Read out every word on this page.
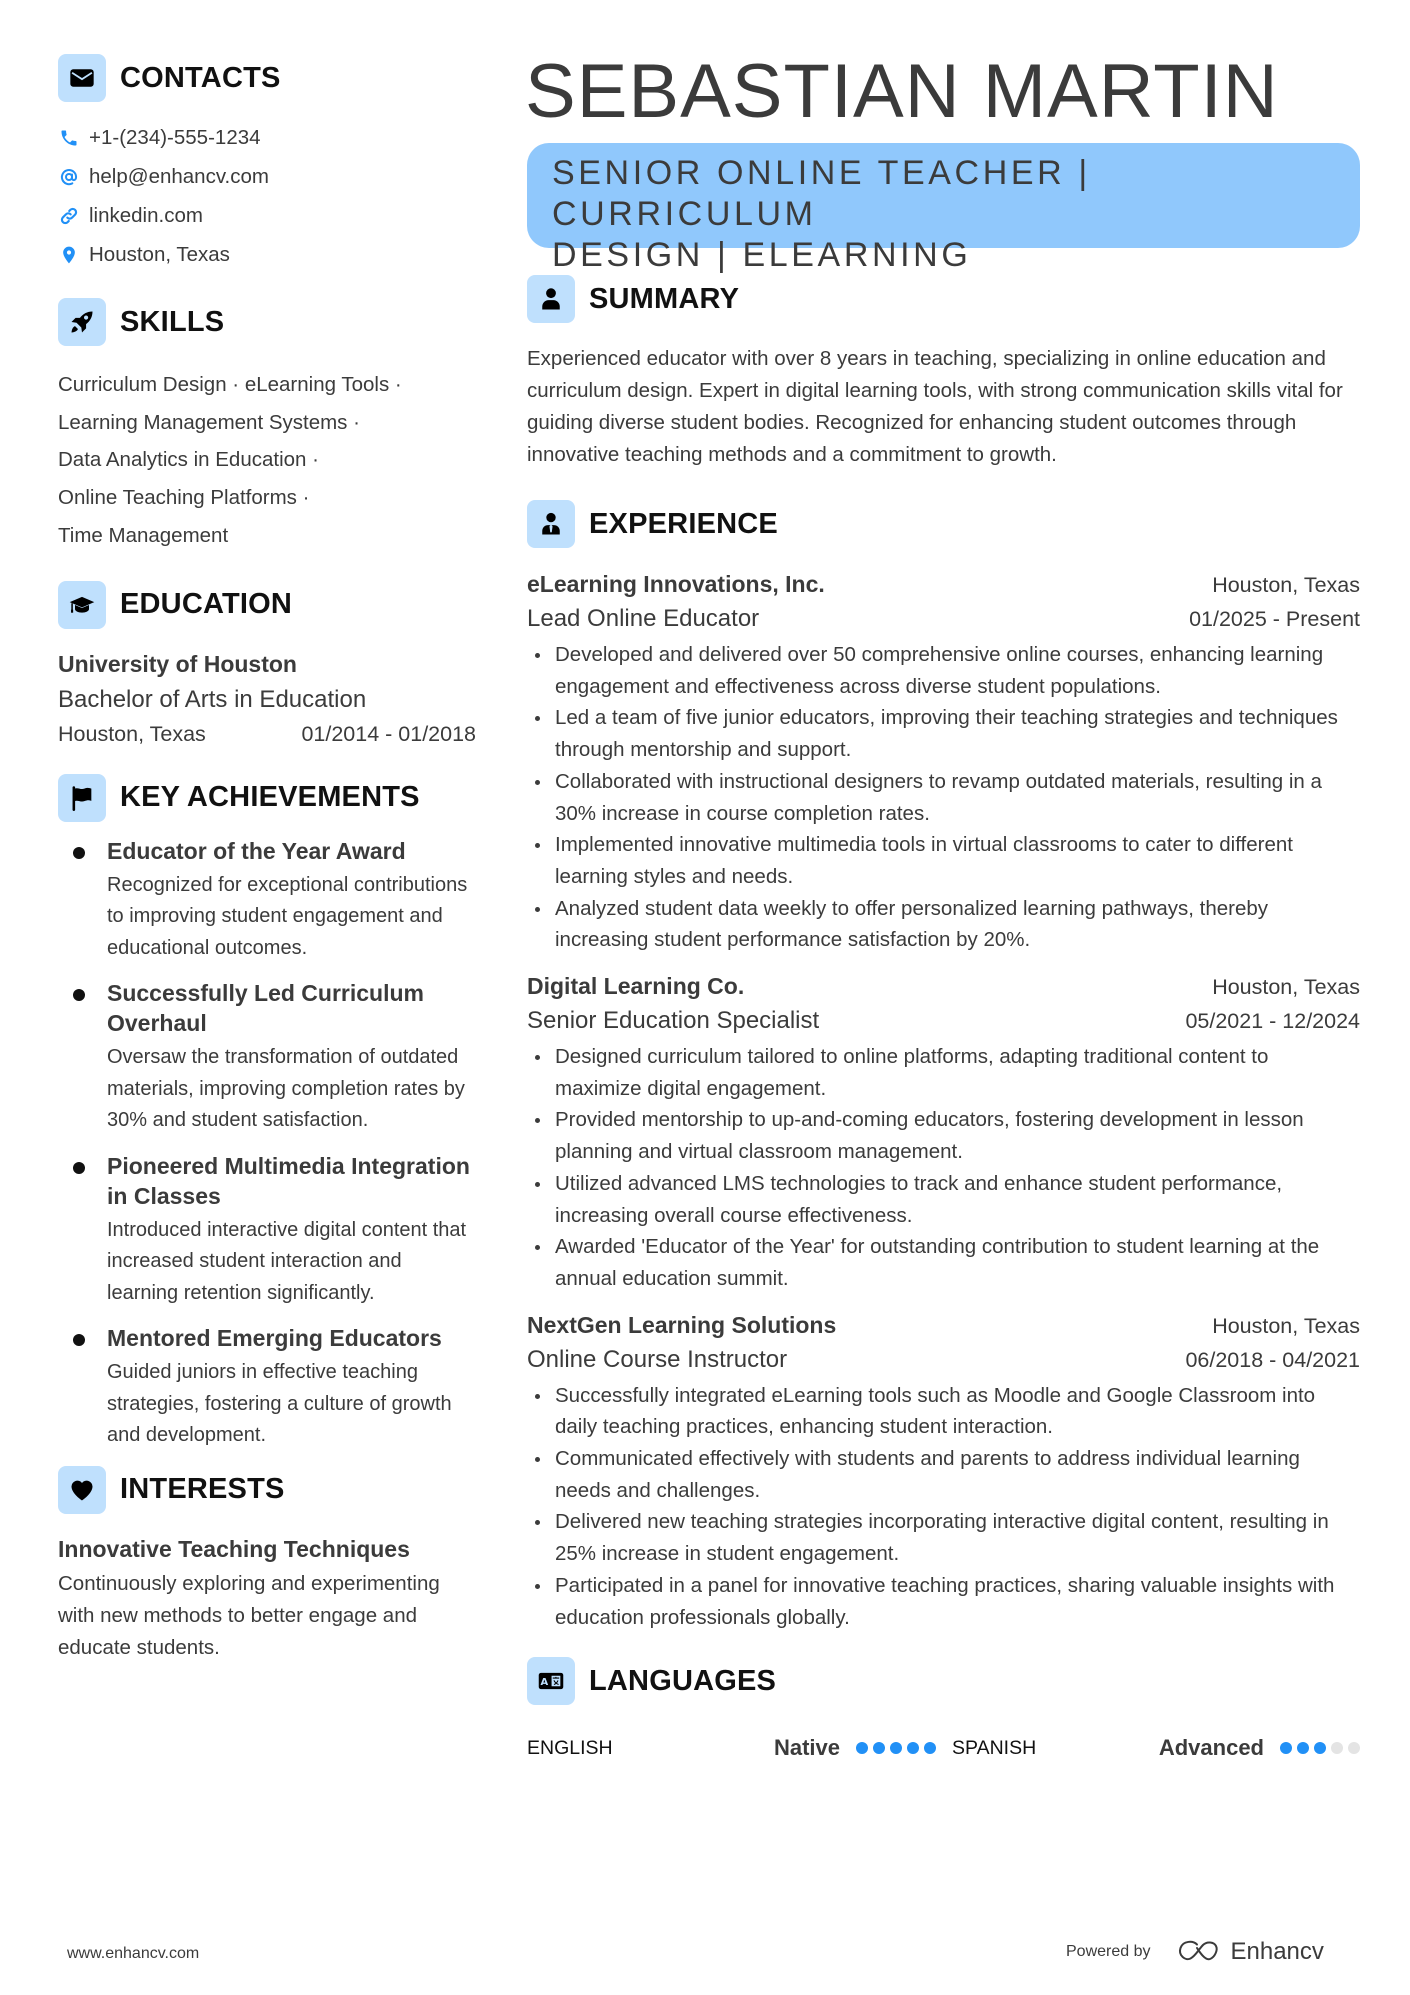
CONTACTS
+1-(234)-555-1234
help@enhancv.com
linkedin.com
Houston, Texas
SKILLS
Curriculum Design · eLearning Tools ·
Learning Management Systems ·
Data Analytics in Education ·
Online Teaching Platforms ·
Time Management
EDUCATION
University of Houston
Bachelor of Arts in Education
Houston, Texas	01/2014 - 01/2018
KEY ACHIEVEMENTS
Educator of the Year Award
Recognized for exceptional contributions to improving student engagement and educational outcomes.
Successfully Led Curriculum Overhaul
Oversaw the transformation of outdated materials, improving completion rates by 30% and student satisfaction.
Pioneered Multimedia Integration in Classes
Introduced interactive digital content that increased student interaction and learning retention significantly.
Mentored Emerging Educators
Guided juniors in effective teaching strategies, fostering a culture of growth and development.
INTERESTS
Innovative Teaching Techniques
Continuously exploring and experimenting with new methods to better engage and educate students.
SEBASTIAN MARTIN
SENIOR ONLINE TEACHER | CURRICULUM
DESIGN | ELEARNING
SUMMARY
Experienced educator with over 8 years in teaching, specializing in online education and curriculum design. Expert in digital learning tools, with strong communication skills vital for guiding diverse student bodies. Recognized for enhancing student outcomes through innovative teaching methods and a commitment to growth.
EXPERIENCE
eLearning Innovations, Inc.	Houston, Texas
Lead Online Educator	01/2025 - Present
Developed and delivered over 50 comprehensive online courses, enhancing learning engagement and effectiveness across diverse student populations.
Led a team of five junior educators, improving their teaching strategies and techniques through mentorship and support.
Collaborated with instructional designers to revamp outdated materials, resulting in a 30% increase in course completion rates.
Implemented innovative multimedia tools in virtual classrooms to cater to different learning styles and needs.
Analyzed student data weekly to offer personalized learning pathways, thereby increasing student performance satisfaction by 20%.
Digital Learning Co.	Houston, Texas
Senior Education Specialist	05/2021 - 12/2024
Designed curriculum tailored to online platforms, adapting traditional content to maximize digital engagement.
Provided mentorship to up-and-coming educators, fostering development in lesson planning and virtual classroom management.
Utilized advanced LMS technologies to track and enhance student performance, increasing overall course effectiveness.
Awarded 'Educator of the Year' for outstanding contribution to student learning at the annual education summit.
NextGen Learning Solutions	Houston, Texas
Online Course Instructor	06/2018 - 04/2021
Successfully integrated eLearning tools such as Moodle and Google Classroom into daily teaching practices, enhancing student interaction.
Communicated effectively with students and parents to address individual learning needs and challenges.
Delivered new teaching strategies incorporating interactive digital content, resulting in 25% increase in student engagement.
Participated in a panel for innovative teaching practices, sharing valuable insights with education professionals globally.
A LANGUAGES
ENGLISH	Native	SPANISH	Advanced
www.enhancv.com	Powered by	Enhancv
